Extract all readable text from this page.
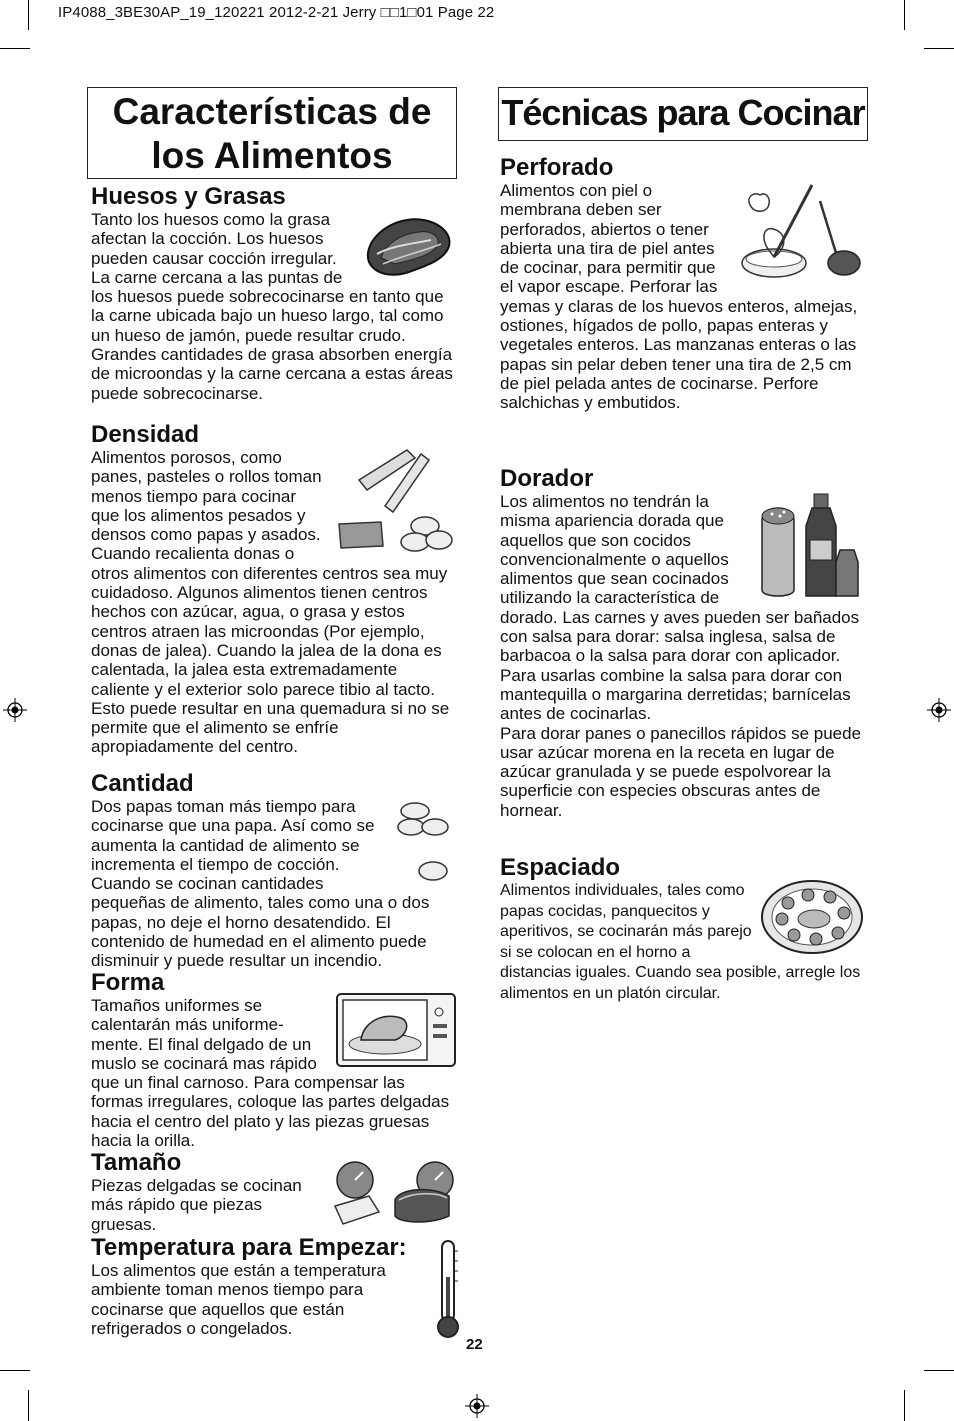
IP4088_3BE30AP_19_120221 2012-2-21 Jerry □□1□01 Page 22
Características de
los Alimentos
Huesos y Grasas

Tanto los huesos como la grasa afectan la cocción. Los huesos pueden causar cocción irregular. La carne cercana a las puntas de los huesos puede sobrecocinarse en tanto que la carne ubicada bajo un hueso largo, tal como un hueso de jamón, puede resultar crudo. Grandes cantidades de grasa absorben energía de microondas y la carne cercana a estas áreas puede sobrecocinarse.

Densidad

Alimentos porosos, como panes, pasteles o rollos toman menos tiempo para cocinar que los alimentos pesados y densos como papas y asados. Cuando recalienta donas o otros alimentos con diferentes centros sea muy cuidadoso. Algunos alimentos tienen centros hechos con azúcar, agua, o grasa y estos centros atraen las microondas (Por ejemplo, donas de jalea). Cuando la jalea de la dona es calentada, la jalea esta extremadamente caliente y el exterior solo parece tibio al tacto. Esto puede resultar en una quemadura si no se permite que el alimento se enfríe apropiadamente del centro.

Cantidad

Dos papas toman más tiempo para cocinarse que una papa. Así como se aumenta la cantidad de alimento se incrementa el tiempo de cocción. Cuando se cocinan cantidades pequeñas de alimento, tales como una o dos papas, no deje el horno desatendido. El contenido de humedad en el alimento puede disminuir y puede resultar un incendio.

Forma

Tamaños uniformes se calentarán más uniforme-mente. El final delgado de un muslo se cocinará mas rápido que un final carnoso. Para compensar las formas irregulares, coloque las partes delgadas hacia el centro del plato y las piezas gruesas hacia la orilla.

Tamaño

Piezas delgadas se cocinan más rápido que piezas gruesas.

Temperatura para Empezar:

Los alimentos que están a temperatura ambiente toman menos tiempo para cocinarse que aquellos que están refrigerados o congelados.

Técnicas para Cocinar
Perforado

Alimentos con piel o membrana deben ser perforados, abiertos o tener abierta una tira de piel antes de cocinar, para permitir que el vapor escape. Perforar las yemas y claras de los huevos enteros, almejas, ostiones, hígados de pollo, papas enteras y vegetales enteros. Las manzanas enteras o las papas sin pelar deben tener una tira de 2,5 cm de piel pelada antes de cocinarse. Perfore salchichas y embutidos.

Dorador

Los alimentos no tendrán la misma apariencia dorada que aquellos que son cocidos convencionalmente o aquellos alimentos que sean cocinados utilizando la característica de dorado. Las carnes y aves pueden ser bañados con salsa para dorar: salsa inglesa, salsa de barbacoa o la salsa para dorar con aplicador. Para usarlas combine la salsa para dorar con mantequilla o margarina derretidas; barnícelas antes de cocinarlas.

Para dorar panes o panecillos rápidos se puede usar azúcar morena en la receta en lugar de azúcar granulada y se puede espolvorear la superficie con especies obscuras antes de hornear.

Espaciado

Alimentos individuales, tales como papas cocidas, panquecitos y aperitivos, se cocinarán más parejo si se colocan en el horno a distancias iguales. Cuando sea posible, arregle los alimentos en un platón circular.

22
